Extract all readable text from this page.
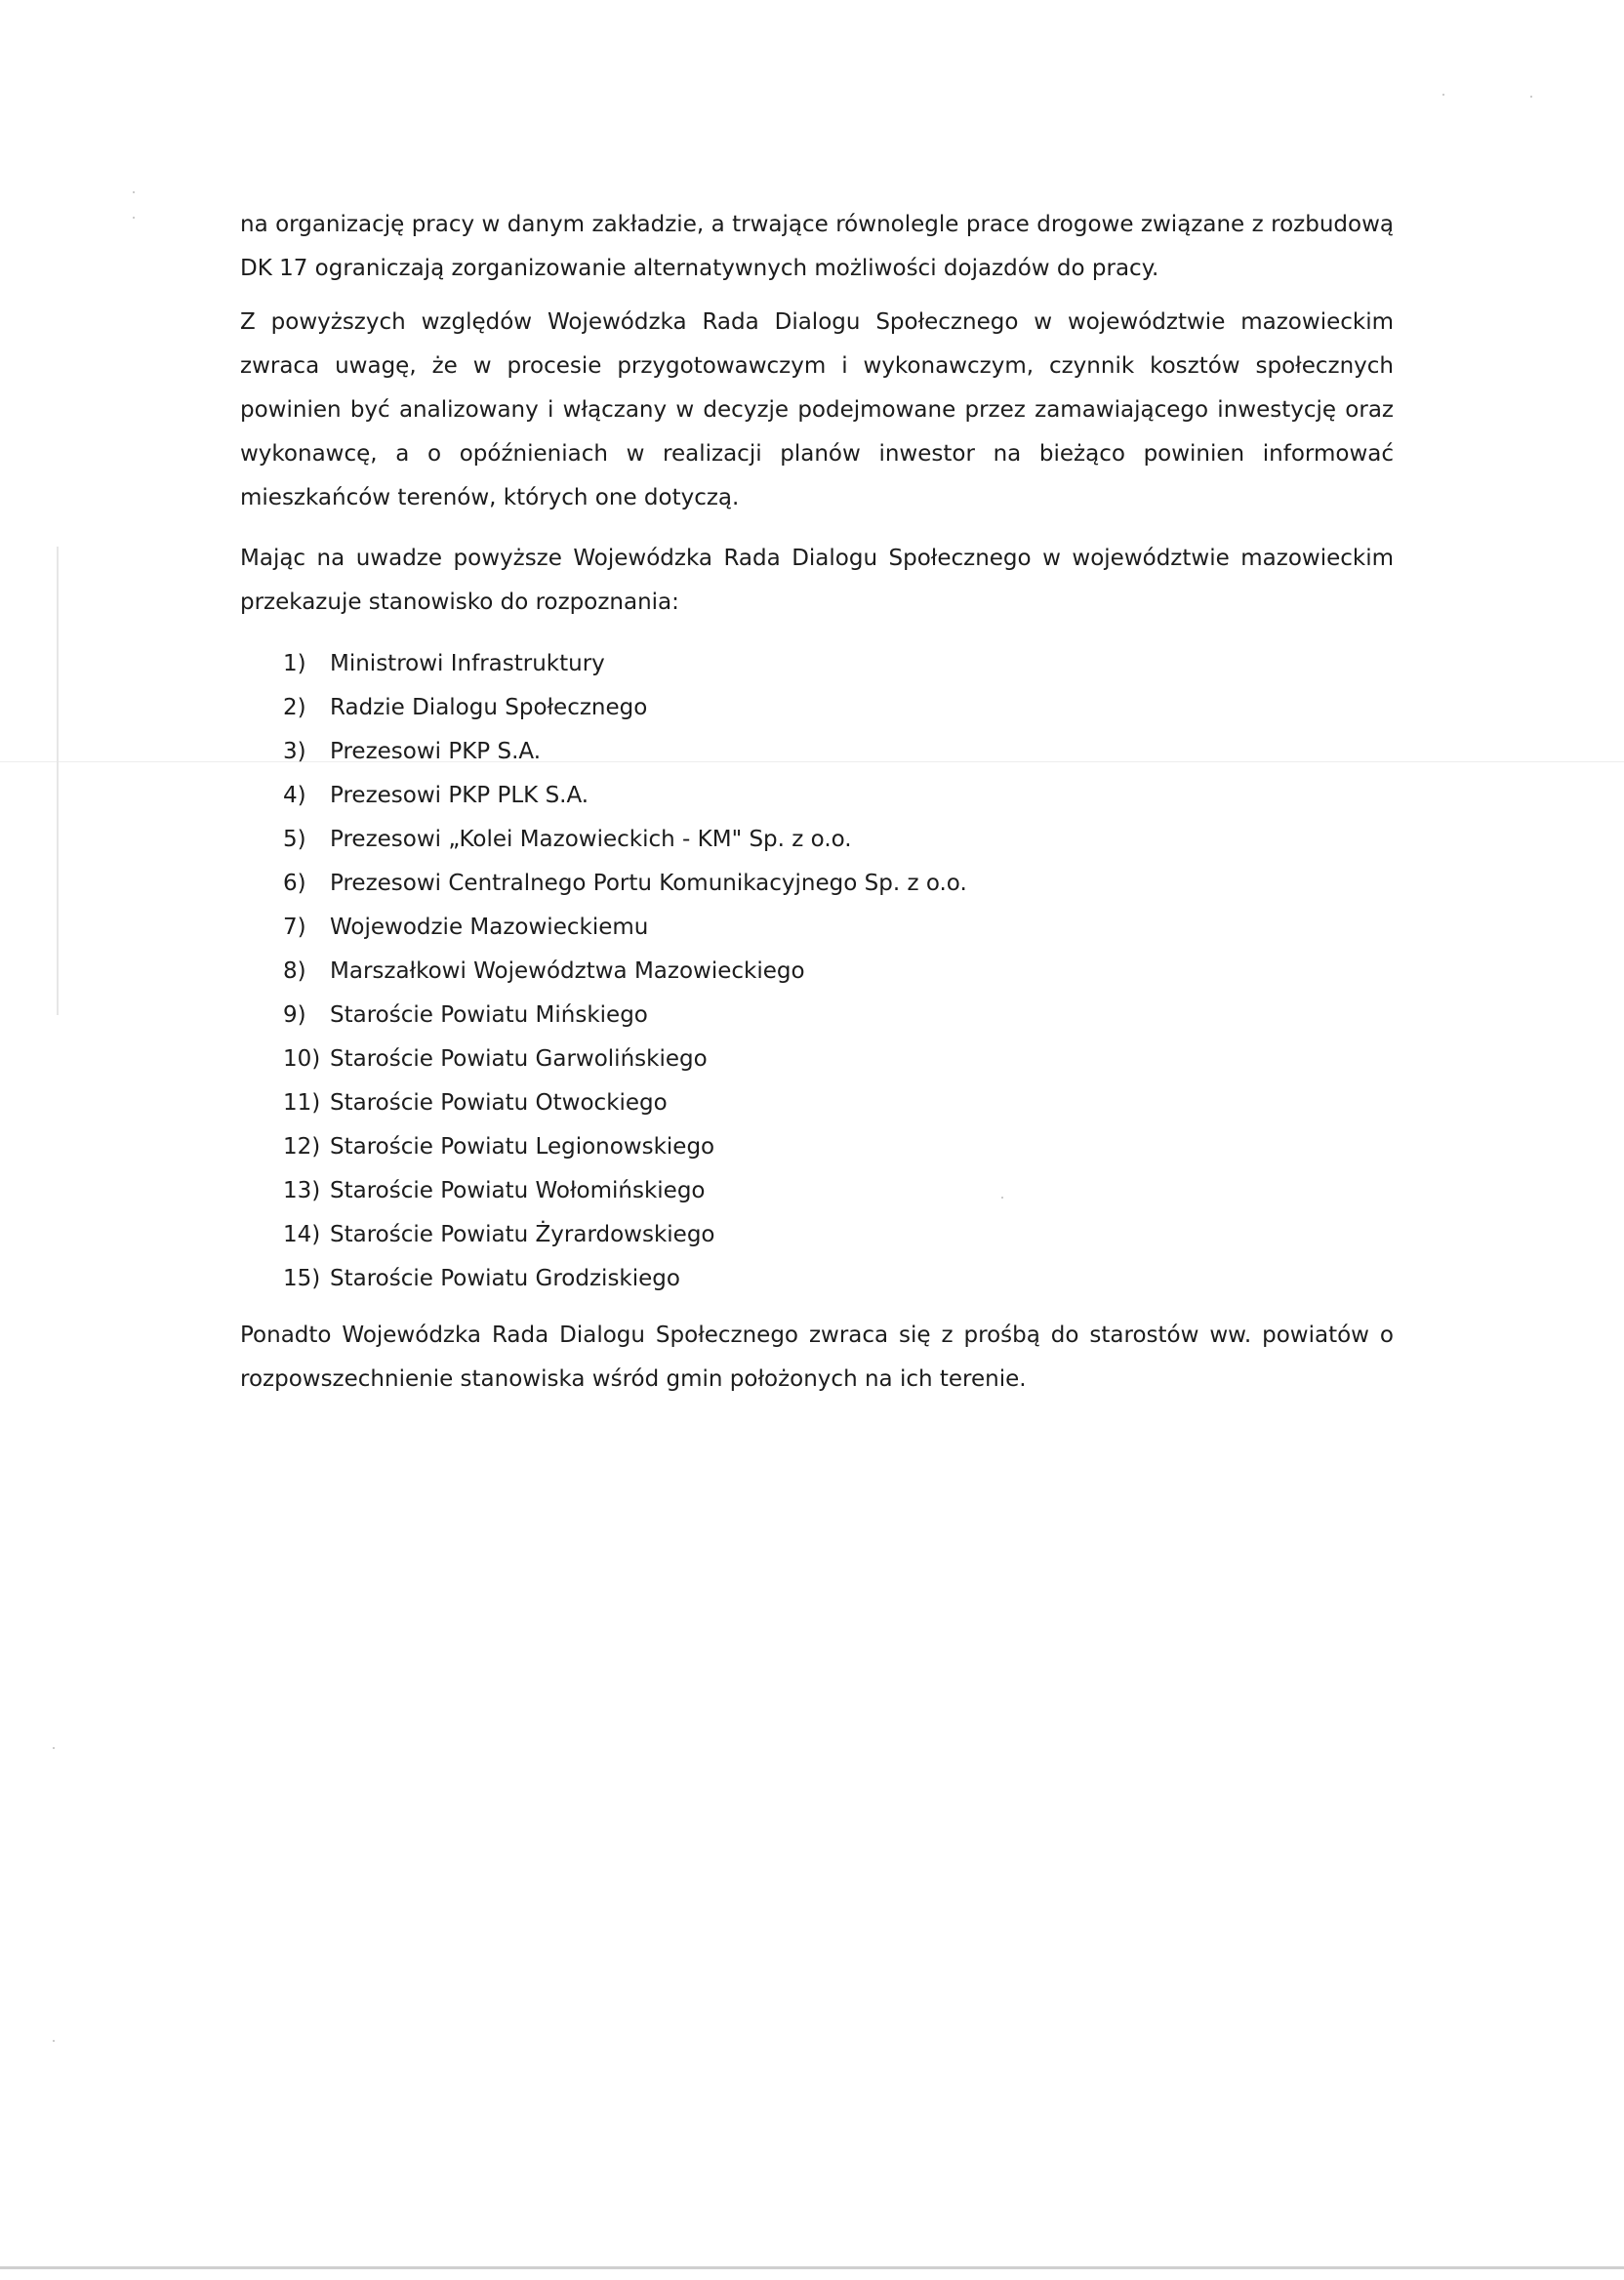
na organizację pracy w danym zakładzie, a trwające równolegle prace drogowe związane z rozbudową DK 17 ograniczają zorganizowanie alternatywnych możliwości dojazdów do pracy.

Z powyższych względów Wojewódzka Rada Dialogu Społecznego w województwie mazowieckim zwraca uwagę, że w procesie przygotowawczym i wykonawczym, czynnik kosztów społecznych powinien być analizowany i włączany w decyzje podejmowane przez zamawiającego inwestycję oraz wykonawcę, a o opóźnieniach w realizacji planów inwestor na bieżąco powinien informować mieszkańców terenów, których one dotyczą.

Mając na uwadze powyższe Wojewódzka Rada Dialogu Społecznego w województwie mazowieckim przekazuje stanowisko do rozpoznania:

1)	Ministrowi Infrastruktury
2)	Radzie Dialogu Społecznego
3)	Prezesowi PKP S.A.
4)	Prezesowi PKP PLK S.A.
5)	Prezesowi „Kolei Mazowieckich - KM" Sp. z o.o.
6)	Prezesowi Centralnego Portu Komunikacyjnego Sp. z o.o.
7)	Wojewodzie Mazowieckiemu
8)	Marszałkowi Województwa Mazowieckiego
9)	Staroście Powiatu Mińskiego
10) Staroście Powiatu Garwolińskiego
11) Staroście Powiatu Otwockiego
12) Staroście Powiatu Legionowskiego
13) Staroście Powiatu Wołomińskiego
14) Staroście Powiatu Żyrardowskiego
15) Staroście Powiatu Grodziskiego

Ponadto Wojewódzka Rada Dialogu Społecznego zwraca się z prośbą do starostów ww. powiatów o rozpowszechnienie stanowiska wśród gmin położonych na ich terenie.
